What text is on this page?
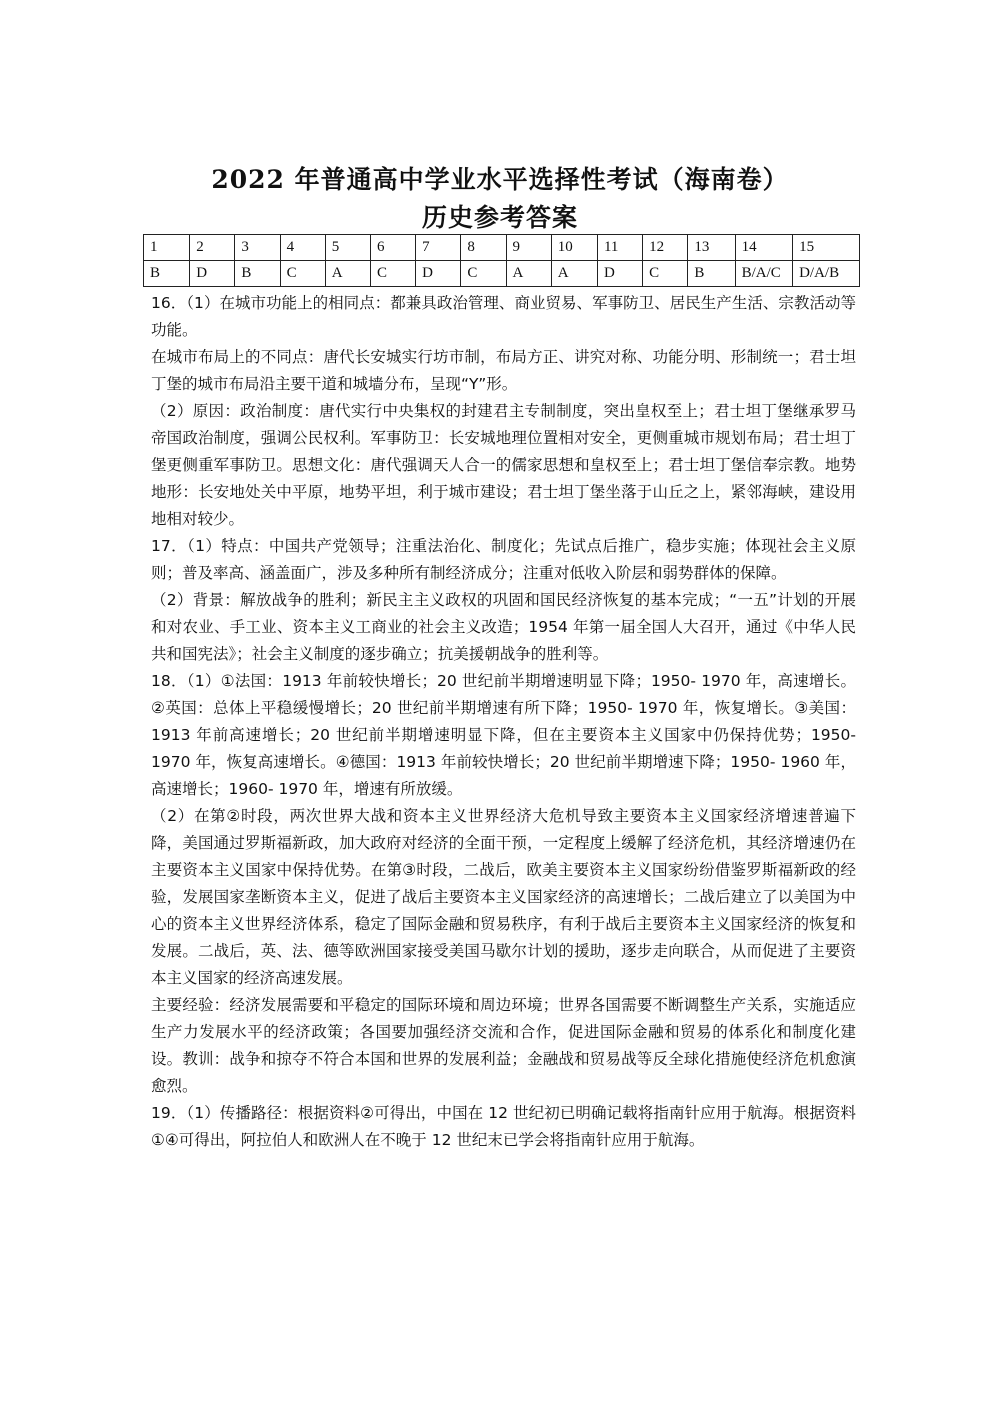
2022 年普通高中学业水平选择性考试（海南卷）
历史参考答案
1	2	3	4	5	6	7	8	9	10	11	12	13	14	15
B	D	B	C	A	C	D	C	A	A	D	C	B	B/A/C	D/A/B

16．（1）在城市功能上的相同点：都兼具政治管理、商业贸易、军事防卫、居民生产生活、宗教活动等功能。

在城市布局上的不同点：唐代长安城实行坊市制，布局方正、讲究对称、功能分明、形制统一；君士坦丁堡的城市布局沿主要干道和城墙分布，呈现“Y”形。

（2）原因：政治制度：唐代实行中央集权的封建君主专制制度，突出皇权至上；君士坦丁堡继承罗马帝国政治制度，强调公民权利。军事防卫：长安城地理位置相对安全，更侧重城市规划布局；君士坦丁堡更侧重军事防卫。思想文化：唐代强调天人合一的儒家思想和皇权至上；君士坦丁堡信奉宗教。地势地形：长安地处关中平原，地势平坦，利于城市建设；君士坦丁堡坐落于山丘之上，紧邻海峡，建设用地相对较少。

17．（1）特点：中国共产党领导；注重法治化、制度化；先试点后推广，稳步实施；体现社会主义原则；普及率高、涵盖面广，涉及多种所有制经济成分；注重对低收入阶层和弱势群体的保障。

（2）背景：解放战争的胜利；新民主主义政权的巩固和国民经济恢复的基本完成；“一五”计划的开展和对农业、手工业、资本主义工商业的社会主义改造；1954 年第一届全国人大召开，通过《中华人民共和国宪法》；社会主义制度的逐步确立；抗美援朝战争的胜利等。

18．（1）①法国：1913 年前较快增长；20 世纪前半期增速明显下降；1950- 1970 年，高速增长。②英国：总体上平稳缓慢增长；20 世纪前半期增速有所下降；1950- 1970 年，恢复增长。③美国：1913 年前高速增长；20 世纪前半期增速明显下降，但在主要资本主义国家中仍保持优势；1950- 1970 年，恢复高速增长。④德国：1913 年前较快增长；20 世纪前半期增速下降；1950- 1960 年，高速增长；1960- 1970 年，增速有所放缓。

（2）在第②时段，两次世界大战和资本主义世界经济大危机导致主要资本主义国家经济增速普遍下降，美国通过罗斯福新政，加大政府对经济的全面干预，一定程度上缓解了经济危机，其经济增速仍在主要资本主义国家中保持优势。在第③时段，二战后，欧美主要资本主义国家纷纷借鉴罗斯福新政的经验，发展国家垄断资本主义，促进了战后主要资本主义国家经济的高速增长；二战后建立了以美国为中心的资本主义世界经济体系，稳定了国际金融和贸易秩序，有利于战后主要资本主义国家经济的恢复和发展。二战后，英、法、德等欧洲国家接受美国马歇尔计划的援助，逐步走向联合，从而促进了主要资本主义国家的经济高速发展。

主要经验：经济发展需要和平稳定的国际环境和周边环境；世界各国需要不断调整生产关系，实施适应生产力发展水平的经济政策；各国要加强经济交流和合作，促进国际金融和贸易的体系化和制度化建设。教训：战争和掠夺不符合本国和世界的发展利益；金融战和贸易战等反全球化措施使经济危机愈演愈烈。

19．（1）传播路径：根据资料②可得出，中国在 12 世纪初已明确记载将指南针应用于航海。根据资料①④可得出，阿拉伯人和欧洲人在不晚于 12 世纪末已学会将指南针应用于航海。
